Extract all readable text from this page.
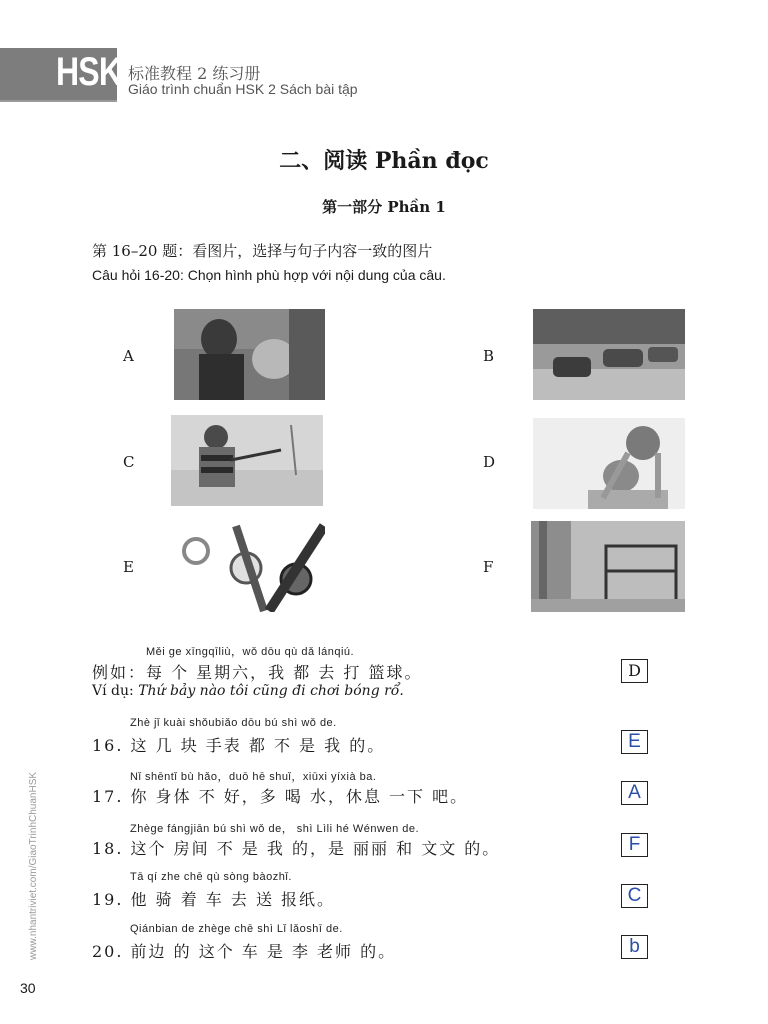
HSK 标准教程 2 练习册
Giáo trình chuẩn HSK 2 Sách bài tập
二、阅读 Phần đọc
第一部分 Phần 1
第 16–20 题：看图片，选择与句子内容一致的图片
Câu hỏi 16-20: Chọn hình phù hợp với nội dung của câu.
A	B
C	D
E	F
Měi ge xīngqīliù，wǒ dōu qù dǎ lánqiú.
例如：每 个 星期六，我 都 去 打 篮球。
Ví dụ: Thứ bảy nào tôi cũng đi chơi bóng rổ.
D
Zhè jǐ kuài shǒubiǎo dōu bú shì wǒ de.
16. 这 几 块 手表 都 不 是 我 的。	E
Nǐ shēntǐ bù hǎo，duō hē shuǐ，xiūxi yíxià ba.
17. 你 身体 不 好，多 喝 水，休息 一下 吧。	A
Zhège fángjiān bú shì wǒ de， shì Lìli hé Wénwen de.
18. 这个 房间 不 是 我 的，是 丽丽 和 文文 的。	F
Tā qí zhe chē qù sòng bàozhǐ.
19. 他 骑 着 车 去 送 报纸。	C
Qiánbian de zhège chē shì Lǐ lǎoshī de.
20. 前边 的 这个 车 是 李 老师 的。	b
www.nhantriviet.com/GiaoTrinhChuanHSK
30
